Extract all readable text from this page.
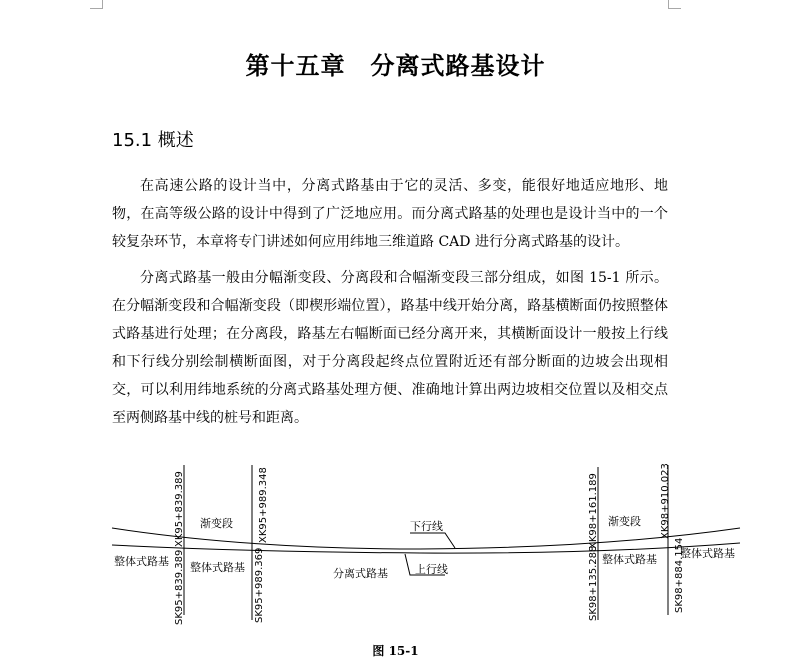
第十五章　分离式路基设计
15.1 概述

在高速公路的设计当中，分离式路基由于它的灵活、多变，能很好地适应地形、地物，在高等级公路的设计中得到了广泛地应用。而分离式路基的处理也是设计当中的一个较复杂环节，本章将专门讲述如何应用纬地三维道路 CAD 进行分离式路基的设计。

分离式路基一般由分幅渐变段、分离段和合幅渐变段三部分组成，如图 15-1 所示。在分幅渐变段和合幅渐变段（即楔形端位置），路基中线开始分离，路基横断面仍按照整体式路基进行处理；在分离段，路基左右幅断面已经分离开来，其横断面设计一般按上行线和下行线分别绘制横断面图，对于分离段起终点位置附近还有部分断面的边坡会出现相交，可以利用纬地系统的分离式路基处理方便、准确地计算出两边坡相交位置以及相交点至两侧路基中线的桩号和距离。

XK95+839.389
SK95+839.389
XK95+989.348
SK95+989.369
XK98+161.189
SK98+135.288
XK98+910.023
SK98+884.154
渐变段	渐变段
整体式路基 整体式路基
整体式路基 整体式路基
分离式路基
下行线
上行线
图 15-1
